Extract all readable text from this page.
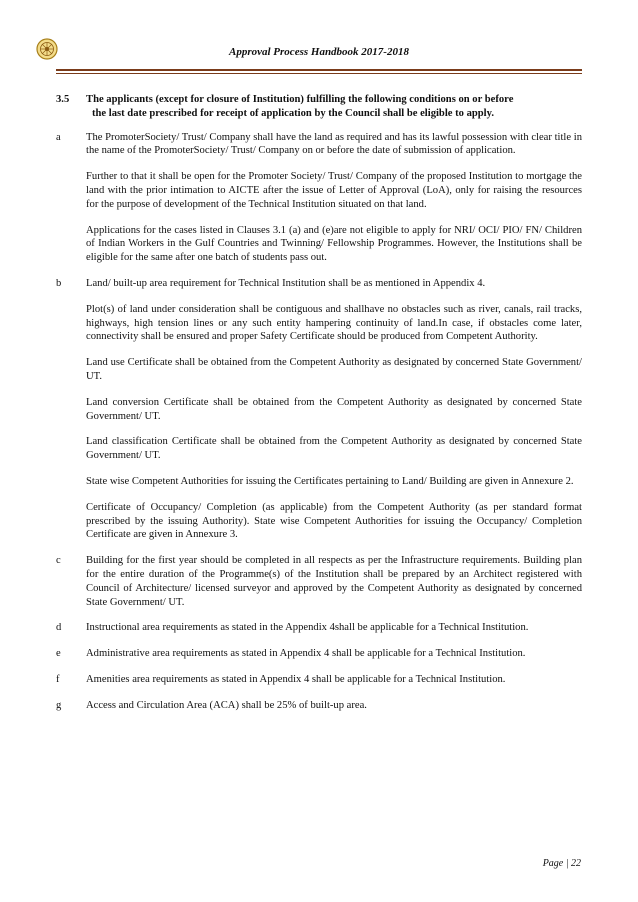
Approval Process Handbook 2017-2018
3.5	The applicants (except for closure of Institution) fulfilling the following conditions on or before
the last date prescribed for receipt of application by the Council shall be eligible to apply.
a	The PromoterSociety/ Trust/ Company shall have the land as required and has its lawful possession with clear title in the name of the PromoterSociety/ Trust/ Company on or before the date of submission of application.

Further to that it shall be open for the Promoter Society/ Trust/ Company of the proposed Institution to mortgage the land with the prior intimation to AICTE after the issue of Letter of Approval (LoA), only for raising the resources for the purpose of development of the Technical Institution situated on that land.

Applications for the cases listed in Clauses 3.1 (a) and (e)are not eligible to apply for NRI/ OCI/ PIO/ FN/ Children of Indian Workers in the Gulf Countries and Twinning/ Fellowship Programmes. However, the Institutions shall be eligible for the same after one batch of students pass out.

b	Land/ built-up area requirement for Technical Institution shall be as mentioned in Appendix 4.

Plot(s) of land under consideration shall be contiguous and shallhave no obstacles such as river, canals, rail tracks, highways, high tension lines or any such entity hampering continuity of land.In case, if obstacles come later, connectivity shall be ensured and proper Safety Certificate should be produced from Competent Authority.

Land use Certificate shall be obtained from the Competent Authority as designated by concerned State Government/ UT.

Land conversion Certificate shall be obtained from the Competent Authority as designated by concerned State Government/ UT.

Land classification Certificate shall be obtained from the Competent Authority as designated by concerned State Government/ UT.

State wise Competent Authorities for issuing the Certificates pertaining to Land/ Building are given in Annexure 2.

Certificate of Occupancy/ Completion (as applicable) from the Competent Authority (as per standard format prescribed by the issuing Authority). State wise Competent Authorities for issuing the Occupancy/ Completion Certificate are given in Annexure 3.

c	Building for the first year should be completed in all respects as per the Infrastructure requirements. Building plan for the entire duration of the Programme(s) of the Institution shall be prepared by an Architect registered with Council of Architecture/ licensed surveyor and approved by the Competent Authority as designated by concerned State Government/ UT.

d	Instructional area requirements as stated in the Appendix 4shall be applicable for a Technical Institution.

e	Administrative area requirements as stated in Appendix 4 shall be applicable for a Technical Institution.

f	Amenities area requirements as stated in Appendix 4 shall be applicable for a Technical Institution.

g	Access and Circulation Area (ACA) shall be 25% of built-up area.

Page | 22
